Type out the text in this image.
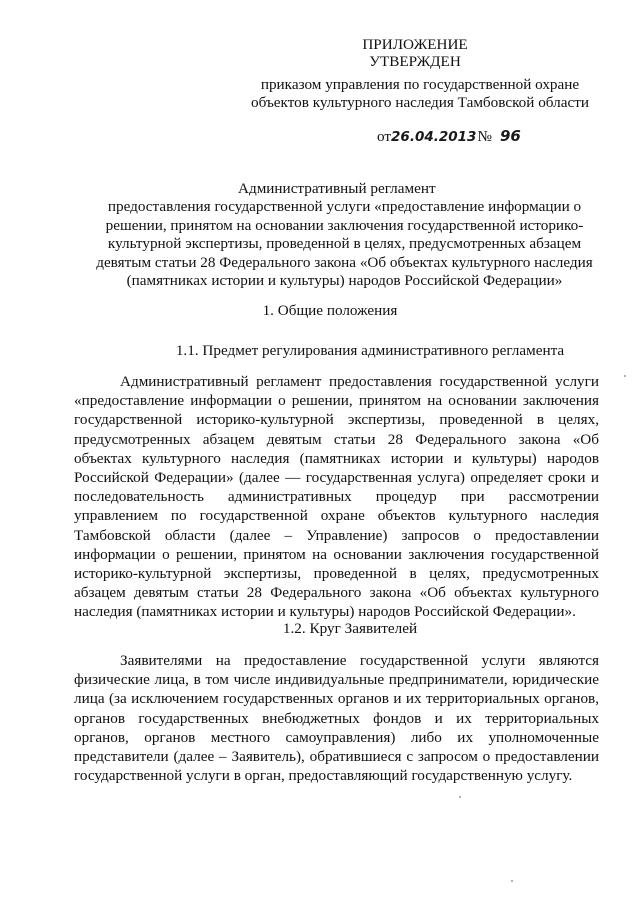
ПРИЛОЖЕНИЕ
УТВЕРЖДЕН
приказом управления по государственной охране объектов культурного наследия Тамбовской области
от26.04.2013№ 96
Административный регламент
предоставления государственной услуги «предоставление информации о решении, принятом на основании заключения государственной историко-культурной экспертизы, проведенной в целях, предусмотренных абзацем девятым статьи 28 Федерального закона «Об объектах культурного наследия (памятниках истории и культуры) народов Российской Федерации»
1. Общие положения
1.1. Предмет регулирования административного регламента

Административный регламент предоставления государственной услуги «предоставление информации о решении, принятом на основании заключения государственной историко-культурной экспертизы, проведенной в целях, предусмотренных абзацем девятым статьи 28 Федерального закона «Об объектах культурного наследия (памятниках истории и культуры) народов Российской Федерации» (далее — государственная услуга) определяет сроки и последовательность административных процедур при рассмотрении управлением по государственной охране объектов культурного наследия Тамбовской области (далее – Управление) запросов о предоставлении информации о решении, принятом на основании заключения государственной историко-культурной экспертизы, проведенной в целях, предусмотренных абзацем девятым статьи 28 Федерального закона «Об объектах культурного наследия (памятниках истории и культуры) народов Российской Федерации».

1.2. Круг Заявителей

Заявителями на предоставление государственной услуги являются физические лица, в том числе индивидуальные предприниматели, юридические лица (за исключением государственных органов и их территориальных органов, органов государственных внебюджетных фондов и их территориальных органов, органов местного самоуправления) либо их уполномоченные представители (далее – Заявитель), обратившиеся с запросом о предоставлении государственной услуги в орган, предоставляющий государственную услугу.
